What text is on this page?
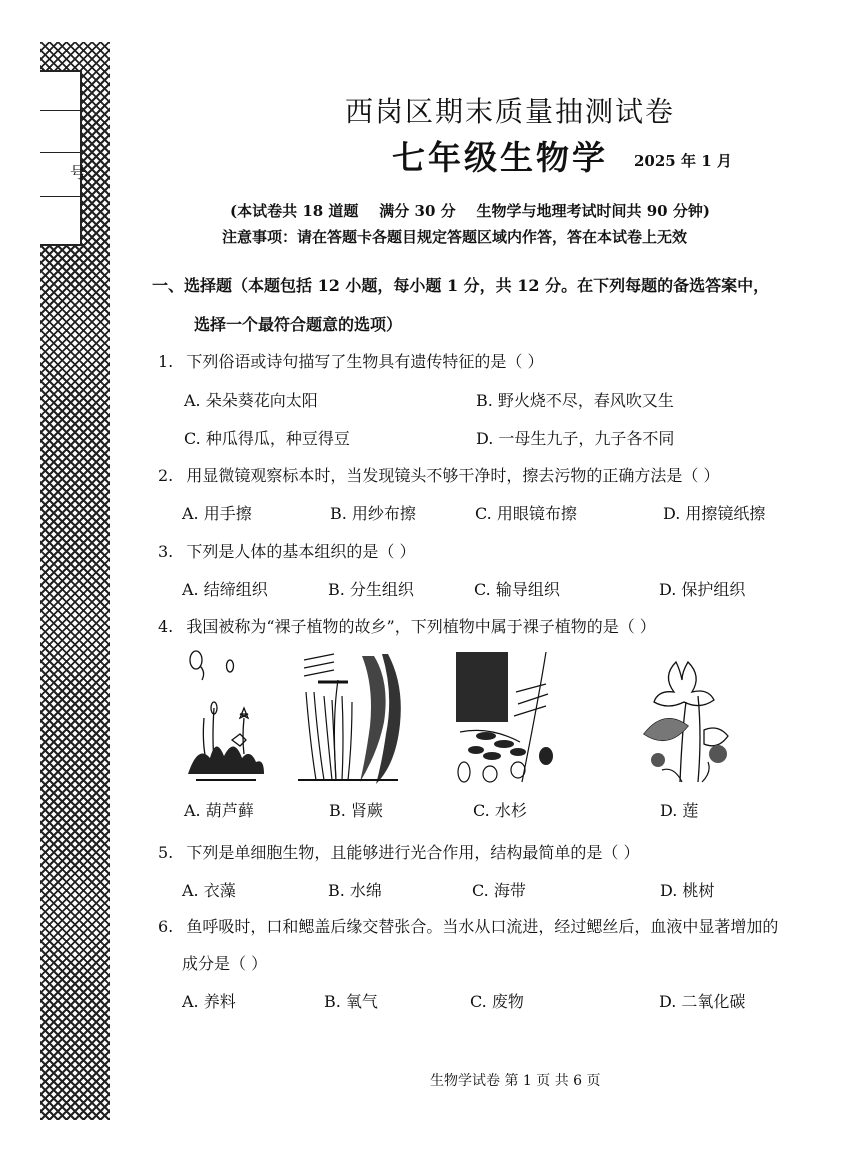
号
西岗区期末质量抽测试卷
七年级生物学 2025 年 1 月
(本试卷共 18 道题    满分 30 分    生物学与地理考试时间共 90 分钟)
注意事项：请在答题卡各题目规定答题区域内作答，答在本试卷上无效
一、选择题（本题包括 12 小题，每小题 1 分，共 12 分。在下列每题的备选答案中，
选择一个最符合题意的选项）
1. 下列俗语或诗句描写了生物具有遗传特征的是（ ）
A. 朵朵葵花向太阳	B. 野火烧不尽，春风吹又生
C. 种瓜得瓜，种豆得豆	D. 一母生九子，九子各不同
2. 用显微镜观察标本时，当发现镜头不够干净时，擦去污物的正确方法是（ ）
A. 用手擦	B. 用纱布擦	C. 用眼镜布擦	D. 用擦镜纸擦
3. 下列是人体的基本组织的是（ ）
A. 结缔组织	B. 分生组织	C. 输导组织	D. 保护组织
4. 我国被称为“裸子植物的故乡”，下列植物中属于裸子植物的是（ ）
A. 葫芦藓	B. 肾蕨	C. 水杉	D. 莲
5. 下列是单细胞生物，且能够进行光合作用，结构最简单的是（ ）
A. 衣藻	B. 水绵	C. 海带	D. 桃树
6. 鱼呼吸时，口和鳃盖后缘交替张合。当水从口流进，经过鳃丝后，血液中显著增加的
成分是（ ）
A. 养料	B. 氧气	C. 废物	D. 二氧化碳
生物学试卷 第 1 页 共 6 页
